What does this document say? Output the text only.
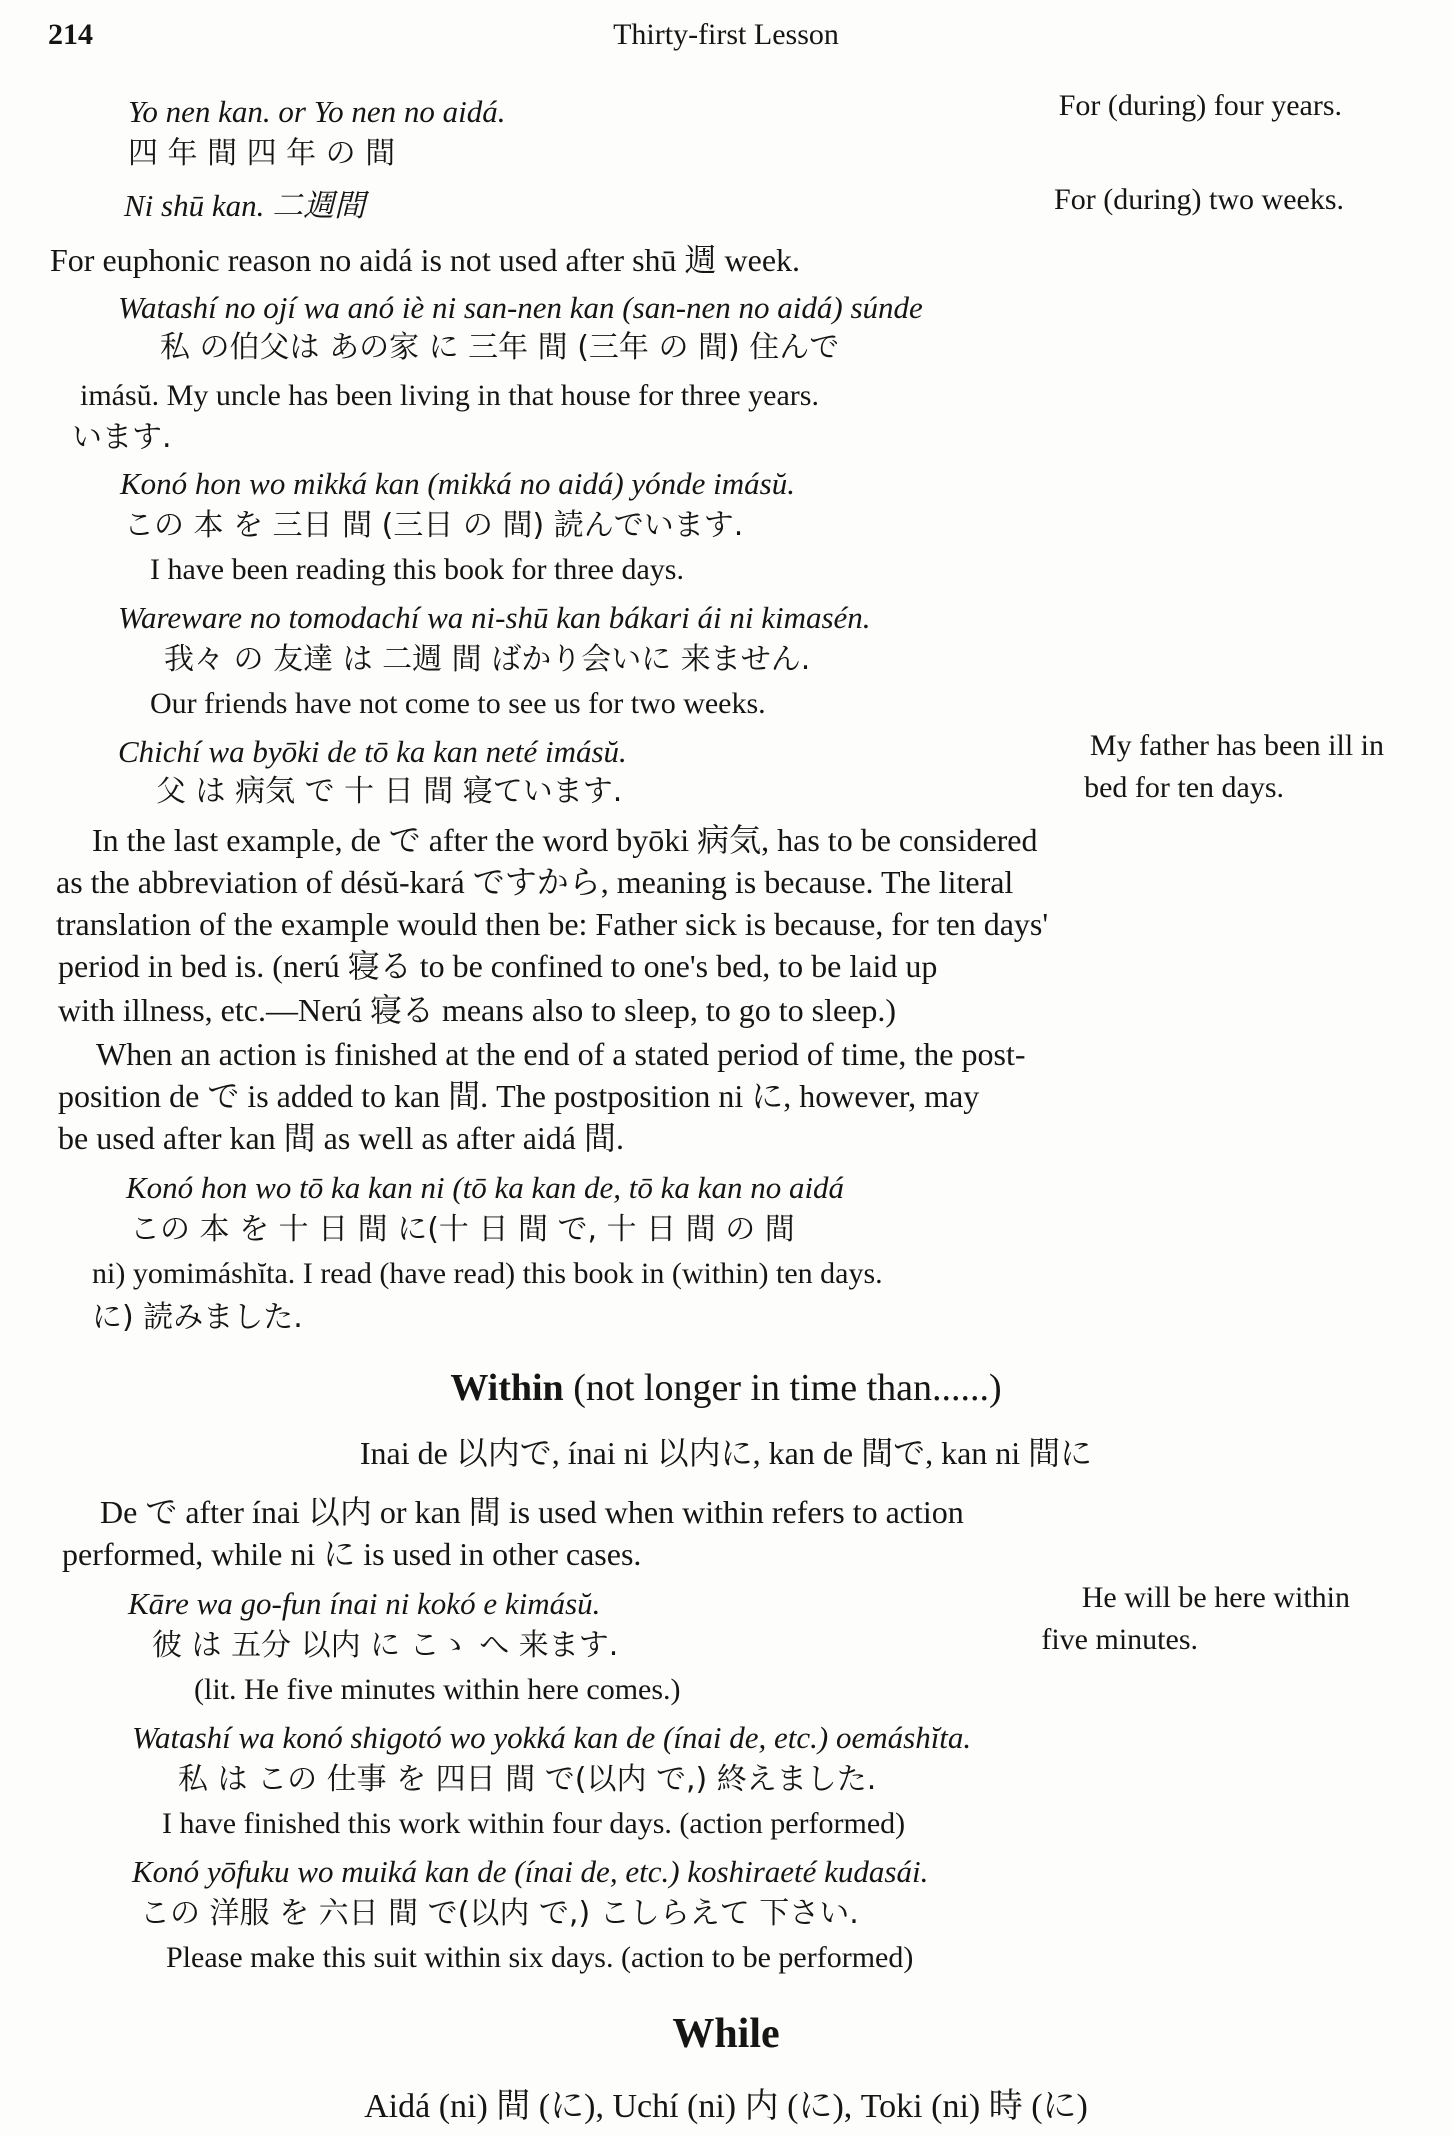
214	Thirty-first Lesson
Yo nen kan. or Yo nen no aidá.	For (during) four years.
四 年 間 四 年 の 間
Ni shū kan. 二週間	For (during) two weeks.
For euphonic reason no aidá is not used after shū 週 week.
Watashí no ojí wa anó iè ni san-nen kan (san-nen no aidá) súnde
私 の伯父は あの家 に 三年 間 (三年 の 間) 住んで
imásŭ. My uncle has been living in that house for three years.
います.
Konó hon wo mikká kan (mikká no aidá) yónde imásŭ.
この 本 を 三日 間 (三日 の 間) 読んでいます.
I have been reading this book for three days.
Wareware no tomodachí wa ni-shū kan bákari ái ni kimasén.
我々 の 友達 は 二週 間 ばかり会いに 来ません.
Our friends have not come to see us for two weeks.
Chichí wa byōki de tō ka kan neté imásŭ.	My father has been ill in
父 は 病気 で 十 日 間 寝ています.	bed for ten days.
In the last example, de で after the word byōki 病気, has to be considered
as the abbreviation of désŭ-kará ですから, meaning is because. The literal
translation of the example would then be: Father sick is because, for ten days'
period in bed is. (nerú 寝る to be confined to one's bed, to be laid up
with illness, etc.—Nerú 寝る means also to sleep, to go to sleep.)
When an action is finished at the end of a stated period of time, the post-
position de で is added to kan 間. The postposition ni に, however, may
be used after kan 間 as well as after aidá 間.
Konó hon wo tō ka kan ni (tō ka kan de, tō ka kan no aidá
この 本 を 十 日 間 に(十 日 間 で, 十 日 間 の 間
ni) yomimáshĭta. I read (have read) this book in (within) ten days.
に) 読みました.
Within (not longer in time than......)
Inai de 以内で, ínai ni 以内に, kan de 間で, kan ni 間に
De で after ínai 以内 or kan 間 is used when within refers to action
performed, while ni に is used in other cases.
Kāre wa go-fun ínai ni kokó e kimásŭ.	He will be here within
彼 は 五分 以内 に こゝ へ 来ます.	five minutes.
(lit. He five minutes within here comes.)
Watashí wa konó shigotó wo yokká kan de (ínai de, etc.) oemáshĭta.
私 は この 仕事 を 四日 間 で(以内 で,) 終えました.
I have finished this work within four days. (action performed)
Konó yōfuku wo muiká kan de (ínai de, etc.) koshiraeté kudasái.
この 洋服 を 六日 間 で(以内 で,) こしらえて 下さい.
Please make this suit within six days. (action to be performed)
While
Aidá (ni) 間 (に), Uchí (ni) 内 (に), Toki (ni) 時 (に)
